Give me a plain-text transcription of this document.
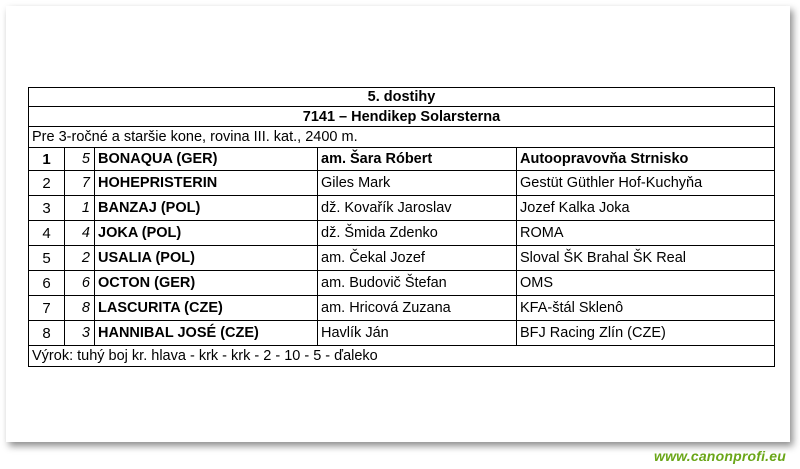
5. dostihy				
7141 – Hendikep Solarsterna				
Pre 3-ročné a staršie kone, rovina III. kat., 2400 m.				
1	5	BONAQUA (GER)	am. Šara Róbert	Autoopravovňa Strnisko
2	7	HOHEPRISTERIN	Giles Mark	Gestüt Güthler Hof-Kuchyňa
3	1	BANZAJ (POL)	dž. Kovařík Jaroslav	Jozef Kalka Joka
4	4	JOKA (POL)	dž. Šmida Zdenko	ROMA
5	2	USALIA (POL)	am. Čekal Jozef	Sloval ŠK Brahal ŠK Real
6	6	OCTON (GER)	am. Budovič Štefan	OMS
7	8	LASCURITA (CZE)	am. Hricová Zuzana	KFA-štál Sklenô
8	3	HANNIBAL JOSÉ (CZE)	Havlík Ján	BFJ Racing Zlín (CZE)
Výrok: tuhý boj kr. hlava - krk - krk - 2 - 10 - 5 - ďaleko				
www.canonprofi.eu
